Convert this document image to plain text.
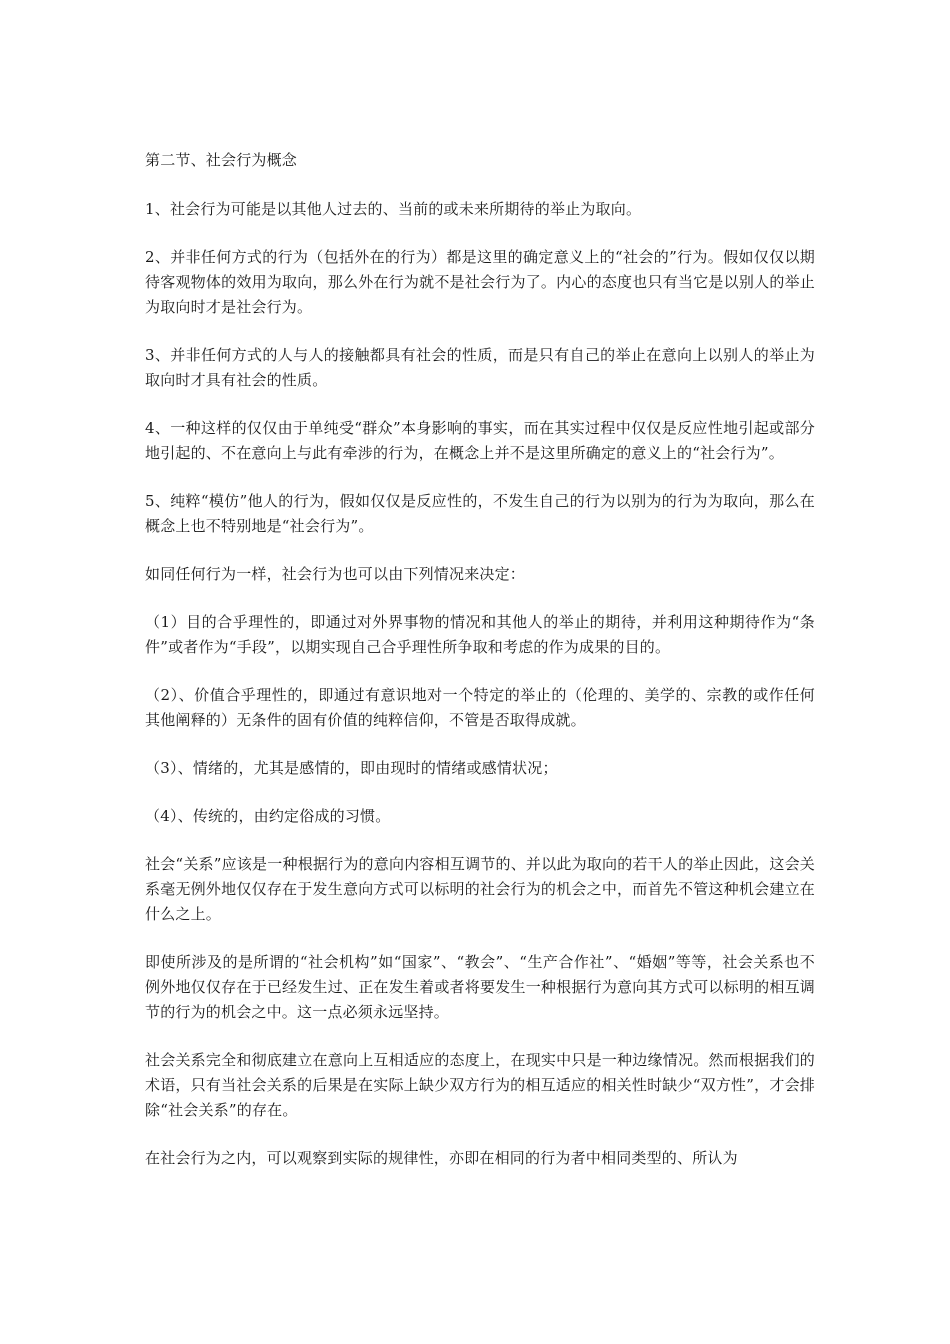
第二节、社会行为概念

1、社会行为可能是以其他人过去的、当前的或未来所期待的举止为取向。

2、并非任何方式的行为（包括外在的行为）都是这里的确定意义上的“社会的”行为。假如仅仅以期待客观物体的效用为取向，那么外在行为就不是社会行为了。内心的态度也只有当它是以别人的举止为取向时才是社会行为。

3、并非任何方式的人与人的接触都具有社会的性质，而是只有自己的举止在意向上以别人的举止为取向时才具有社会的性质。

4、一种这样的仅仅由于单纯受“群众”本身影响的事实，而在其实过程中仅仅是反应性地引起或部分地引起的、不在意向上与此有牵涉的行为，在概念上并不是这里所确定的意义上的“社会行为”。

5、纯粹“模仿”他人的行为，假如仅仅是反应性的，不发生自己的行为以别为的行为为取向，那么在概念上也不特别地是“社会行为”。

如同任何行为一样，社会行为也可以由下列情况来决定：

（1）目的合乎理性的，即通过对外界事物的情况和其他人的举止的期待，并利用这种期待作为“条件”或者作为“手段”，以期实现自己合乎理性所争取和考虑的作为成果的目的。

（2）、价值合乎理性的，即通过有意识地对一个特定的举止的（伦理的、美学的、宗教的或作任何其他阐释的）无条件的固有价值的纯粹信仰，不管是否取得成就。

（3）、情绪的，尤其是感情的，即由现时的情绪或感情状况；

（4）、传统的，由约定俗成的习惯。

社会“关系”应该是一种根据行为的意向内容相互调节的、并以此为取向的若干人的举止因此，这会关系毫无例外地仅仅存在于发生意向方式可以标明的社会行为的机会之中，而首先不管这种机会建立在什么之上。

即使所涉及的是所谓的“社会机构”如“国家”、“教会”、“生产合作社”、“婚姻”等等，社会关系也不例外地仅仅存在于已经发生过、正在发生着或者将要发生一种根据行为意向其方式可以标明的相互调节的行为的机会之中。这一点必须永远坚持。

社会关系完全和彻底建立在意向上互相适应的态度上，在现实中只是一种边缘情况。然而根据我们的术语，只有当社会关系的后果是在实际上缺少双方行为的相互适应的相关性时缺少“双方性”，才会排除“社会关系”的存在。

在社会行为之内，可以观察到实际的规律性，亦即在相同的行为者中相同类型的、所认为
